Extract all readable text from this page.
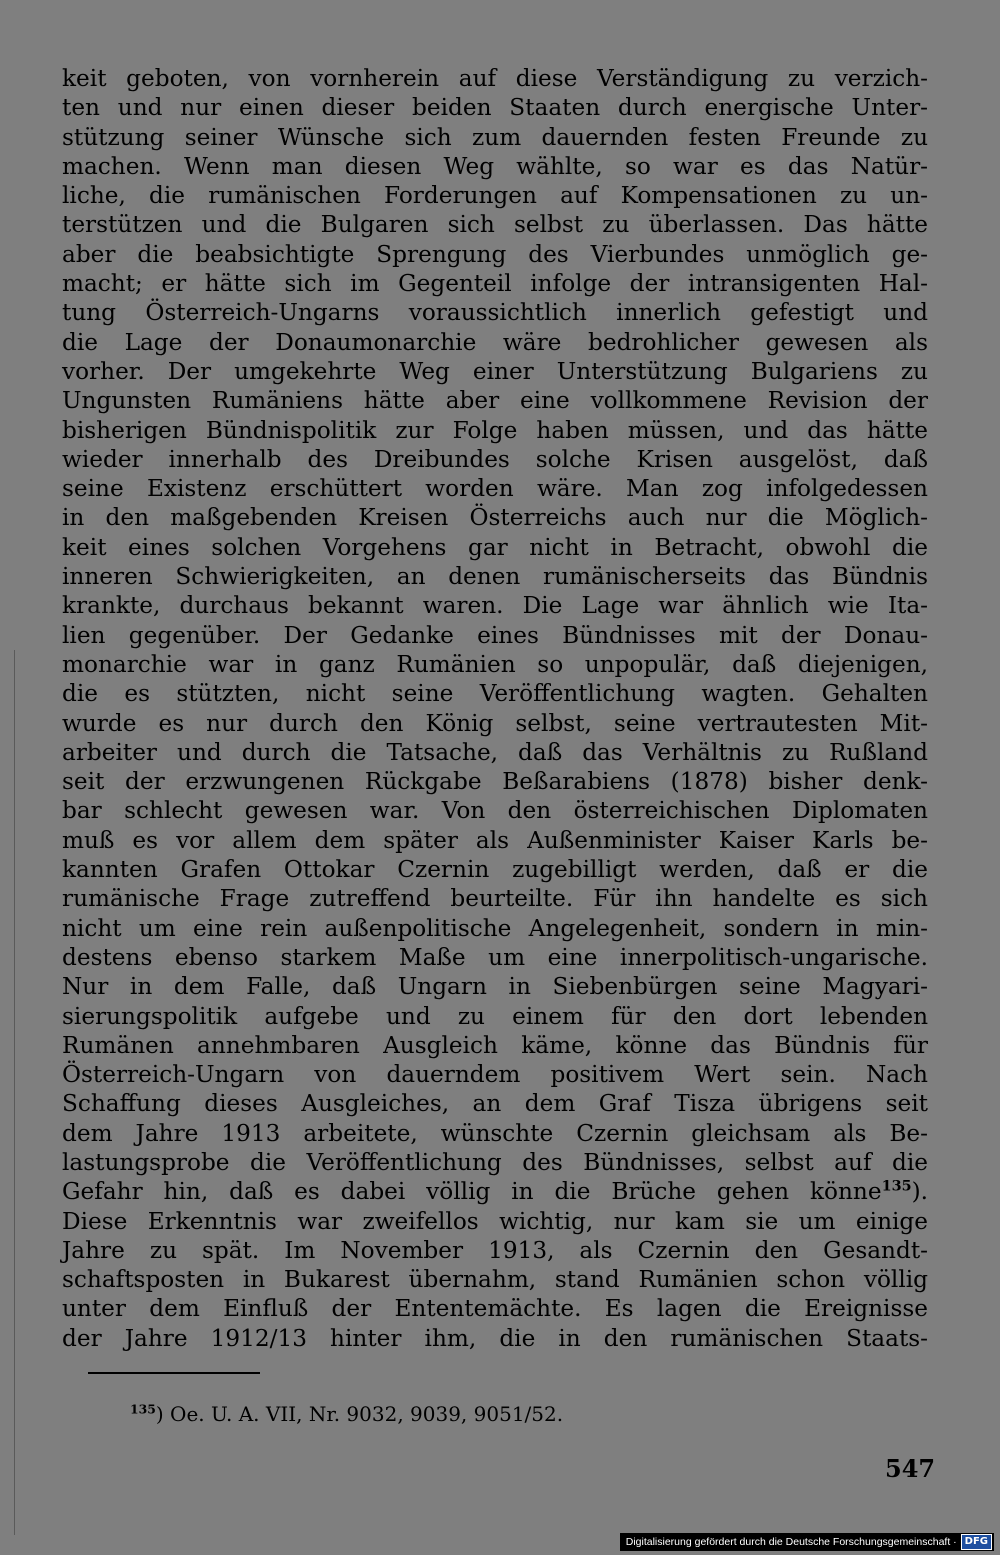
keit geboten, von vornherein auf diese Verständigung zu verzich-
ten und nur einen dieser beiden Staaten durch energische Unter-
stützung seiner Wünsche sich zum dauernden festen Freunde zu
machen. Wenn man diesen Weg wählte, so war es das Natür-
liche, die rumänischen Forderungen auf Kompensationen zu un-
terstützen und die Bulgaren sich selbst zu überlassen. Das hätte
aber die beabsichtigte Sprengung des Vierbundes unmöglich ge-
macht; er hätte sich im Gegenteil infolge der intransigenten Hal-
tung Österreich-Ungarns voraussichtlich innerlich gefestigt und
die Lage der Donaumonarchie wäre bedrohlicher gewesen als
vorher. Der umgekehrte Weg einer Unterstützung Bulgariens zu
Ungunsten Rumäniens hätte aber eine vollkommene Revision der
bisherigen Bündnispolitik zur Folge haben müssen, und das hätte
wieder innerhalb des Dreibundes solche Krisen ausgelöst, daß
seine Existenz erschüttert worden wäre. Man zog infolgedessen
in den maßgebenden Kreisen Österreichs auch nur die Möglich-
keit eines solchen Vorgehens gar nicht in Betracht, obwohl die
inneren Schwierigkeiten, an denen rumänischerseits das Bündnis
krankte, durchaus bekannt waren. Die Lage war ähnlich wie Ita-
lien gegenüber. Der Gedanke eines Bündnisses mit der Donau-
monarchie war in ganz Rumänien so unpopulär, daß diejenigen,
die es stützten, nicht seine Veröffentlichung wagten. Gehalten
wurde es nur durch den König selbst, seine vertrautesten Mit-
arbeiter und durch die Tatsache, daß das Verhältnis zu Rußland
seit der erzwungenen Rückgabe Beßarabiens (1878) bisher denk-
bar schlecht gewesen war. Von den österreichischen Diplomaten
muß es vor allem dem später als Außenminister Kaiser Karls be-
kannten Grafen Ottokar Czernin zugebilligt werden, daß er die
rumänische Frage zutreffend beurteilte. Für ihn handelte es sich
nicht um eine rein außenpolitische Angelegenheit, sondern in min-
destens ebenso starkem Maße um eine innerpolitisch-ungarische.
Nur in dem Falle, daß Ungarn in Siebenbürgen seine Magyari-
sierungspolitik aufgebe und zu einem für den dort lebenden
Rumänen annehmbaren Ausgleich käme, könne das Bündnis für
Österreich-Ungarn von dauerndem positivem Wert sein. Nach
Schaffung dieses Ausgleiches, an dem Graf Tisza übrigens seit
dem Jahre 1913 arbeitete, wünschte Czernin gleichsam als Be-
lastungsprobe die Veröffentlichung des Bündnisses, selbst auf die
Gefahr hin, daß es dabei völlig in die Brüche gehen könne$^{135}$).
Diese Erkenntnis war zweifellos wichtig, nur kam sie um einige
Jahre zu spät. Im November 1913, als Czernin den Gesandt-
schaftsposten in Bukarest übernahm, stand Rumänien schon völlig
unter dem Einfluß der Ententemächte. Es lagen die Ereignisse
der Jahre 1912/13 hinter ihm, die in den rumänischen Staats-
$^{135}$) Oe. U. A. VII, Nr. 9032, 9039, 9051/52.
547
Digitalisierung gefördert durch die Deutsche Forschungsgemeinschaft · DFG
